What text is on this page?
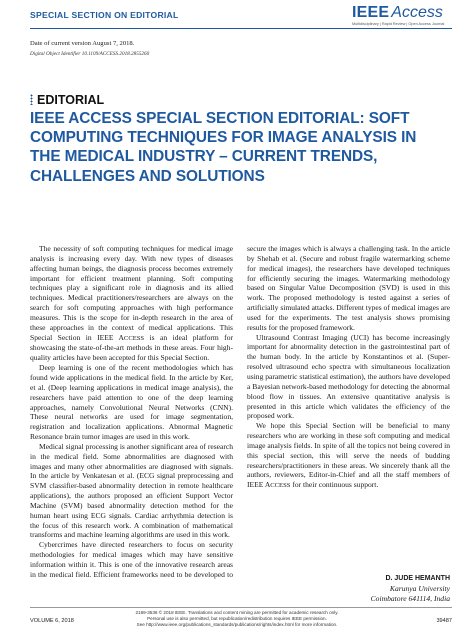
SPECIAL SECTION ON EDITORIAL	IEEE Access
Multidisciplinary | Rapid Review | Open Access Journal
Date of current version August 7, 2018.
Digital Object Identifier 10.1109/ACCESS.2018.2855260
EDITORIAL
IEEE ACCESS SPECIAL SECTION EDITORIAL: SOFT COMPUTING TECHNIQUES FOR IMAGE ANALYSIS IN THE MEDICAL INDUSTRY – CURRENT TRENDS, CHALLENGES AND SOLUTIONS

The necessity of soft computing techniques for medical image analysis is increasing every day. With new types of diseases affecting human beings, the diagnosis process becomes extremely important for efficient treatment planning. Soft computing techniques play a significant role in diagnosis and its allied techniques. Medical practitioners/researchers are always on the search for soft computing approaches with high performance measures. This is the scope for in-depth research in the area of these approaches in the context of medical applications. This Special Section in IEEE ACCESS is an ideal platform for showcasing the state-of-the-art methods in these areas. Four high-quality articles have been accepted for this Special Section.

Deep learning is one of the recent methodologies which has found wide applications in the medical field. In the article by Ker, et al. (Deep learning applications in medical image analysis), the researchers have paid attention to one of the deep learning approaches, namely Convolutional Neural Networks (CNN). These neural networks are used for image segmentation, registration and localization applications. Abnormal Magnetic Resonance brain tumor images are used in this work.

Medical signal processing is another significant area of research in the medical field. Some abnormalities are diagnosed with images and many other abnormalities are diagnosed with signals. In the article by Venkatesan et al. (ECG signal preprocessing and SVM classifier-based abnormality detection in remote healthcare applications), the authors proposed an efficient Support Vector Machine (SVM) based abnormality detection method for the human heart using ECG signals. Cardiac arrhythmia detection is the focus of this research work. A combination of mathematical transforms and machine learning algorithms are used in this work.

Cybercrimes have directed researchers to focus on security methodologies for medical images which may have sensitive information within it. This is one of the innovative research areas in the medical field. Efficient frameworks need to be developed to secure the images which is always a challenging task. In the article by Shehab et al. (Secure and robust fragile watermarking scheme for medical images), the researchers have developed techniques for efficiently securing the images. Watermarking methodology based on Singular Value Decomposition (SVD) is used in this work. The proposed methodology is tested against a series of artificially simulated attacks. Different types of medical images are used for the experiments. The test analysis shows promising results for the proposed framework.

Ultrasound Contrast Imaging (UCI) has become increasingly important for abnormality detection in the gastrointestinal part of the human body. In the article by Konstantinos et al. (Super-resolved ultrasound echo spectra with simultaneous localization using parametric statistical estimation), the authors have developed a Bayesian network-based methodology for detecting the abnormal blood flow in tissues. An extensive quantitative analysis is presented in this article which validates the efficiency of the proposed work.

We hope this Special Section will be beneficial to many researchers who are working in these soft computing and medical image analysis fields. In spite of all the topics not being covered in this special section, this will serve the needs of budding researchers/practitioners in these areas. We sincerely thank all the authors, reviewers, Editor-in-Chief and all the staff members of IEEE ACCESS for their continuous support.

D. JUDE HEMANTH
Karunya University
Coimbatore 641114, India
VOLUME 6, 2018
2169-3536 © 2018 IEEE. Translations and content mining are permitted for academic research only.
Personal use is also permitted, but republication/redistribution requires IEEE permission.
See http://www.ieee.org/publications_standards/publications/rights/index.html for more information.
39487
